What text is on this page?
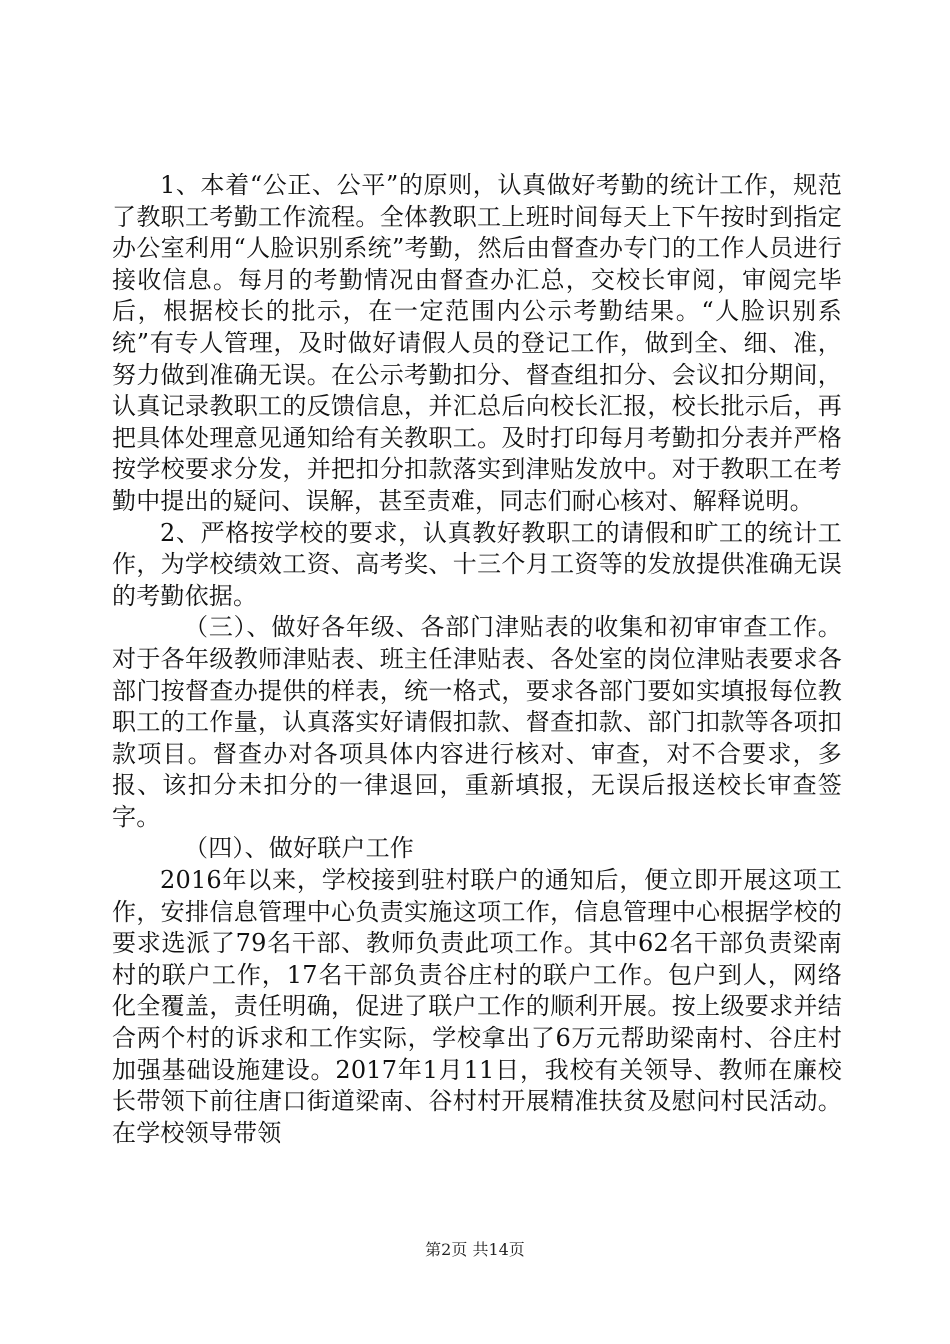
1、本着“公正、公平”的原则，认真做好考勤的统计工作，规范了教职工考勤工作流程。全体教职工上班时间每天上下午按时到指定办公室利用“人脸识别系统”考勤，然后由督查办专门的工作人员进行接收信息。每月的考勤情况由督查办汇总，交校长审阅，审阅完毕后，根据校长的批示，在一定范围内公示考勤结果。“人脸识别系统”有专人管理，及时做好请假人员的登记工作，做到全、细、准，努力做到准确无误。在公示考勤扣分、督查组扣分、会议扣分期间，认真记录教职工的反馈信息，并汇总后向校长汇报，校长批示后，再把具体处理意见通知给有关教职工。及时打印每月考勤扣分表并严格按学校要求分发，并把扣分扣款落实到津贴发放中。对于教职工在考勤中提出的疑问、误解，甚至责难，同志们耐心核对、解释说明。

2、严格按学校的要求，认真教好教职工的请假和旷工的统计工作，为学校绩效工资、高考奖、十三个月工资等的发放提供准确无误的考勤依据。

（三）、做好各年级、各部门津贴表的收集和初审审查工作。对于各年级教师津贴表、班主任津贴表、各处室的岗位津贴表要求各部门按督查办提供的样表，统一格式，要求各部门要如实填报每位教职工的工作量，认真落实好请假扣款、督查扣款、部门扣款等各项扣款项目。督查办对各项具体内容进行核对、审查，对不合要求，多报、该扣分未扣分的一律退回，重新填报，无误后报送校长审查签字。

（四）、做好联户工作

2016年以来，学校接到驻村联户的通知后，便立即开展这项工作，安排信息管理中心负责实施这项工作，信息管理中心根据学校的要求选派了79名干部、教师负责此项工作。其中62名干部负责梁南村的联户工作，17名干部负责谷庄村的联户工作。包户到人，网络化全覆盖，责任明确，促进了联户工作的顺利开展。按上级要求并结合两个村的诉求和工作实际，学校拿出了6万元帮助梁南村、谷庄村加强基础设施建设。2017年1月11日，我校有关领导、教师在廉校长带领下前往唐口街道梁南、谷村村开展精准扶贫及慰问村民活动。在学校领导带领

第2页 共14页
